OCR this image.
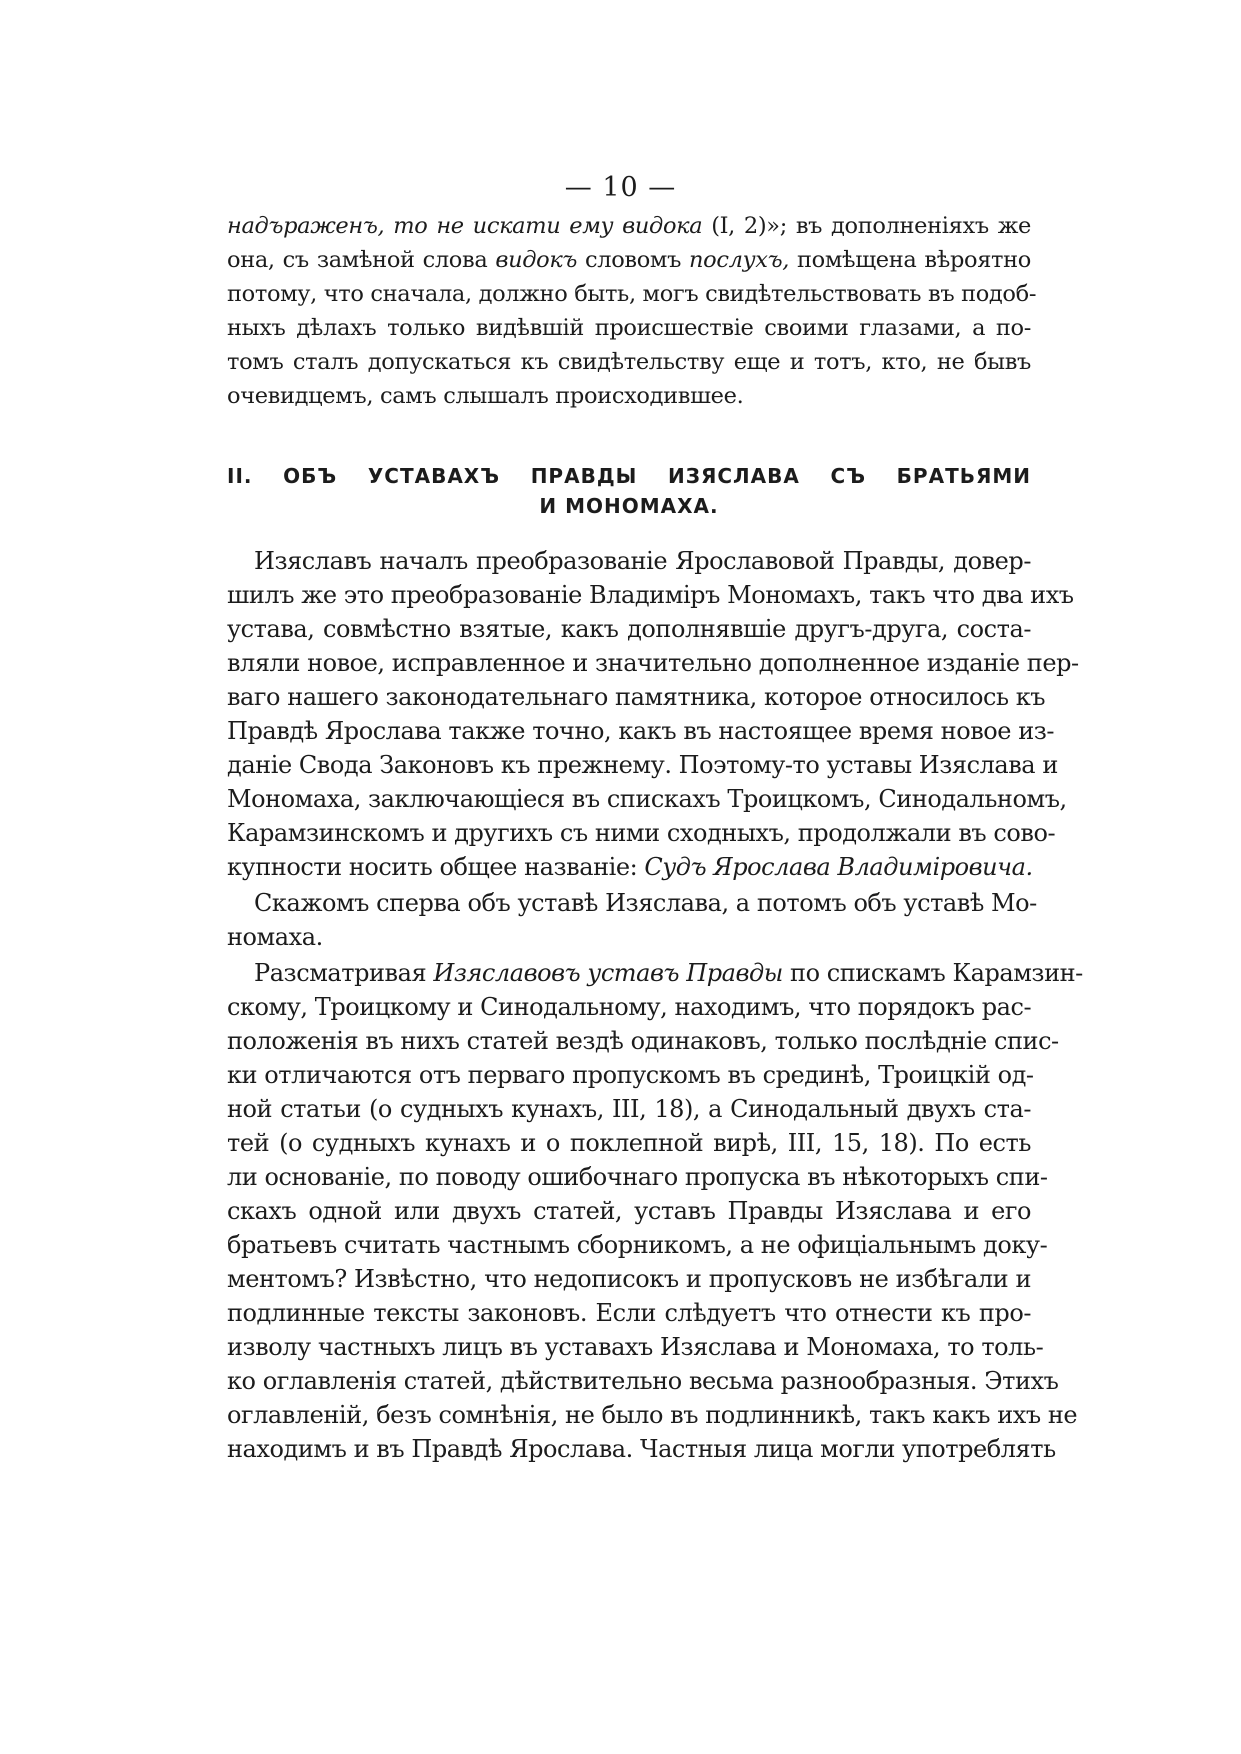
— 10 —
надъраженъ, то не искати ему видока (I, 2)»; въ дополненіяхъ же
она, съ замѣной слова видокъ словомъ послухъ, помѣщена вѣроятно
потому, что сначала, должно быть, могъ свидѣтельствовать въ подоб-
ныхъ дѣлахъ только видѣвшій происшествіе своими глазами, а по-
томъ сталъ допускаться къ свидѣтельству еще и тотъ, кто, не бывъ
очевидцемъ, самъ слышалъ происходившее.
II. ОБЪ УСТАВАХЪ ПРАВДЫ ИЗЯСЛАВА СЪ БРАТЬЯМИ
И МОНОМАХА.
Изяславъ началъ преобразованіе Ярославовой Правды, довер-
шилъ же это преобразованіе Владиміръ Мономахъ, такъ что два ихъ
устава, совмѣстно взятые, какъ дополнявшіе другъ-друга, соста-
вляли новое, исправленное и значительно дополненное изданіе пер-
ваго нашего законодательнаго памятника, которое относилось къ
Правдѣ Ярослава также точно, какъ въ настоящее время новое из-
даніе Свода Законовъ къ прежнему. Поэтому-то уставы Изяслава и
Мономаха, заключающіеся въ спискахъ Троицкомъ, Синодальномъ,
Карамзинскомъ и другихъ съ ними сходныхъ, продолжали въ сово-
купности носить общее названіе: Судъ Ярослава Владиміровича.
Скажомъ сперва объ уставѣ Изяслава, а потомъ объ уставѣ Мо-
номаха.
Разсматривая Изяславовъ уставъ Правды по спискамъ Карамзин-
скому, Троицкому и Синодальному, находимъ, что порядокъ рас-
положенія въ нихъ статей вездѣ одинаковъ, только послѣдніе спис-
ки отличаются отъ перваго пропускомъ въ срединѣ, Троицкій од-
ной статьи (о судныхъ кунахъ, III, 18), а Синодальный двухъ ста-
тей (о судныхъ кунахъ и о поклепной вирѣ, III, 15, 18). По есть
ли основаніе, по поводу ошибочнаго пропуска въ нѣкоторыхъ спи-
скахъ одной или двухъ статей, уставъ Правды Изяслава и его
братьевъ считать частнымъ сборникомъ, а не офиціальнымъ доку-
ментомъ? Извѣстно, что недописокъ и пропусковъ не избѣгали и
подлинные тексты законовъ. Если слѣдуетъ что отнести къ про-
изволу частныхъ лицъ въ уставахъ Изяслава и Мономаха, то толь-
ко оглавленія статей, дѣйствительно весьма разнообразныя. Этихъ
оглавленій, безъ сомнѣнія, не было въ подлинникѣ, такъ какъ ихъ не
находимъ и въ Правдѣ Ярослава. Частныя лица могли употреблять
